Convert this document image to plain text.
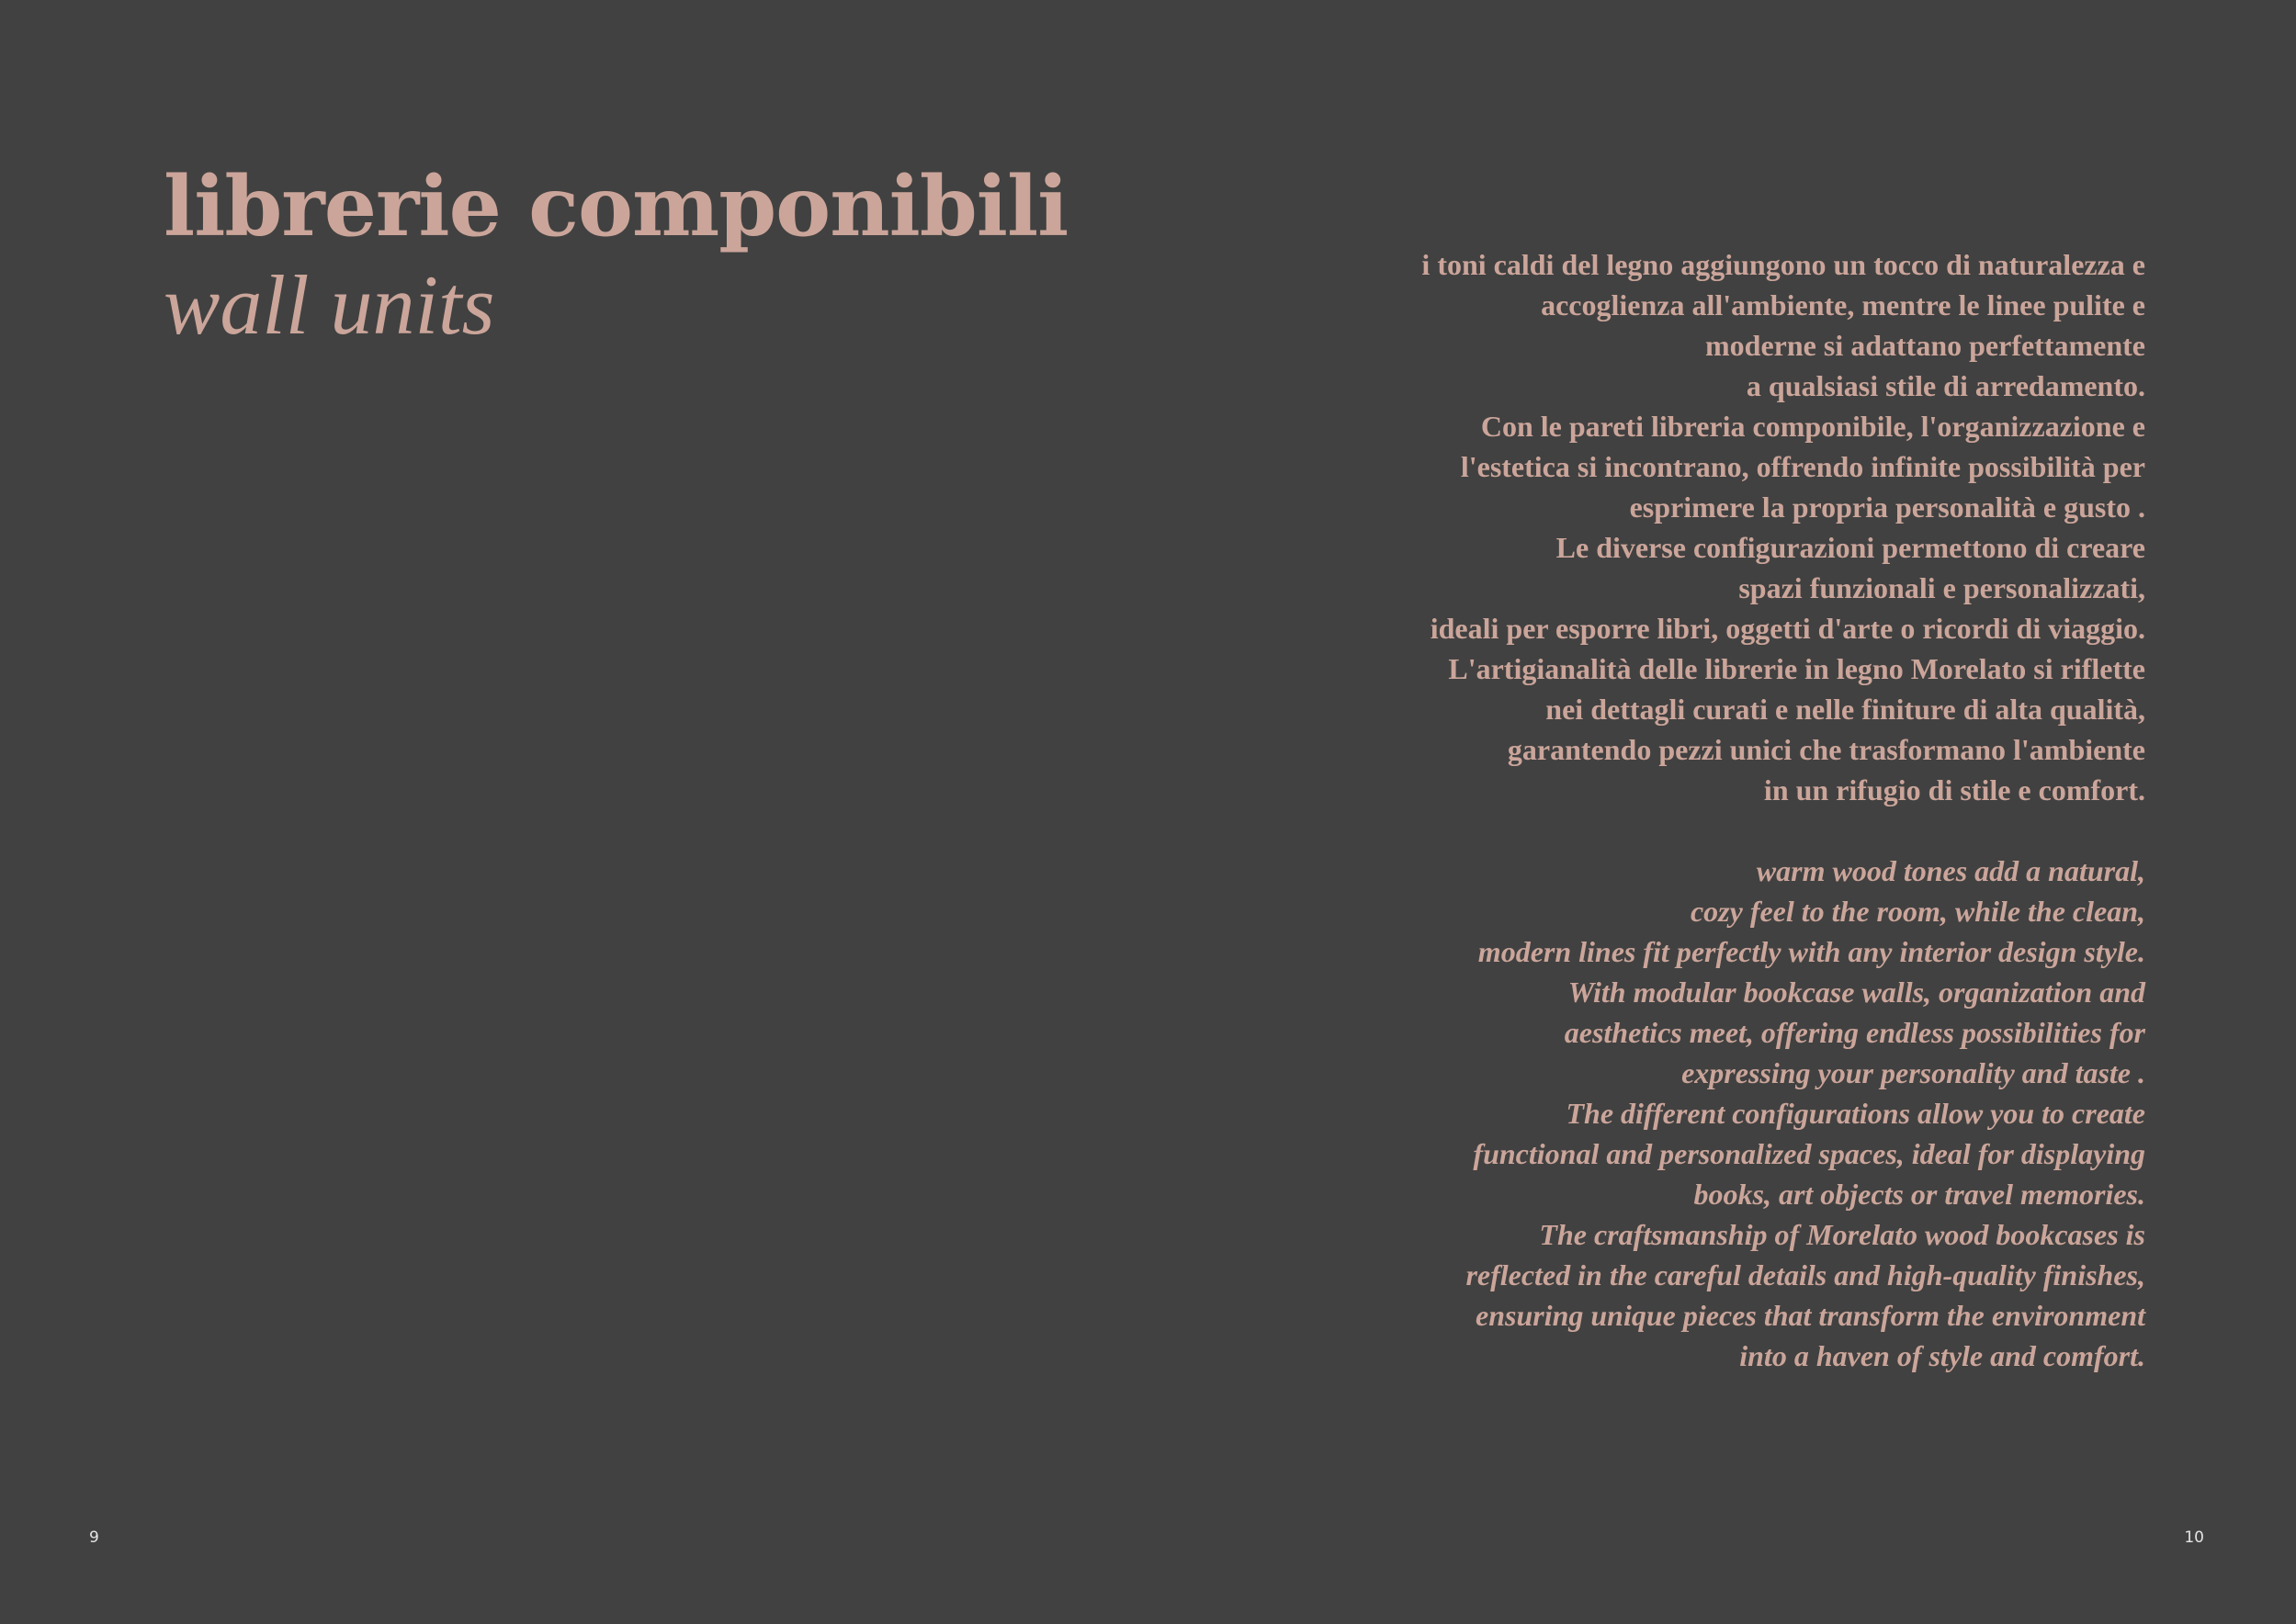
librerie componibili
wall units	i toni caldi del legno aggiungono un tocco di naturalezza e
accoglienza all'ambiente, mentre le linee pulite e
moderne si adattano perfettamente
a qualsiasi stile di arredamento.
Con le pareti libreria componibile, l'organizzazione e
l'estetica si incontrano, offrendo infinite possibilità per
esprimere la propria personalità e gusto .
Le diverse configurazioni permettono di creare
spazi funzionali e personalizzati,
ideali per esporre libri, oggetti d'arte o ricordi di viaggio.
L'artigianalità delle librerie in legno Morelato si riflette
nei dettagli curati e nelle finiture di alta qualità,
garantendo pezzi unici che trasformano l'ambiente
in un rifugio di stile e comfort.
warm wood tones add a natural,
cozy feel to the room, while the clean,
modern lines fit perfectly with any interior design style.
With modular bookcase walls, organization and
aesthetics meet, offering endless possibilities for
expressing your personality and taste .
The different configurations allow you to create
functional and personalized spaces, ideal for displaying
books, art objects or travel memories.
The craftsmanship of Morelato wood bookcases is
reflected in the careful details and high-quality finishes,
ensuring unique pieces that transform the environment
into a haven of style and comfort.
9	10
